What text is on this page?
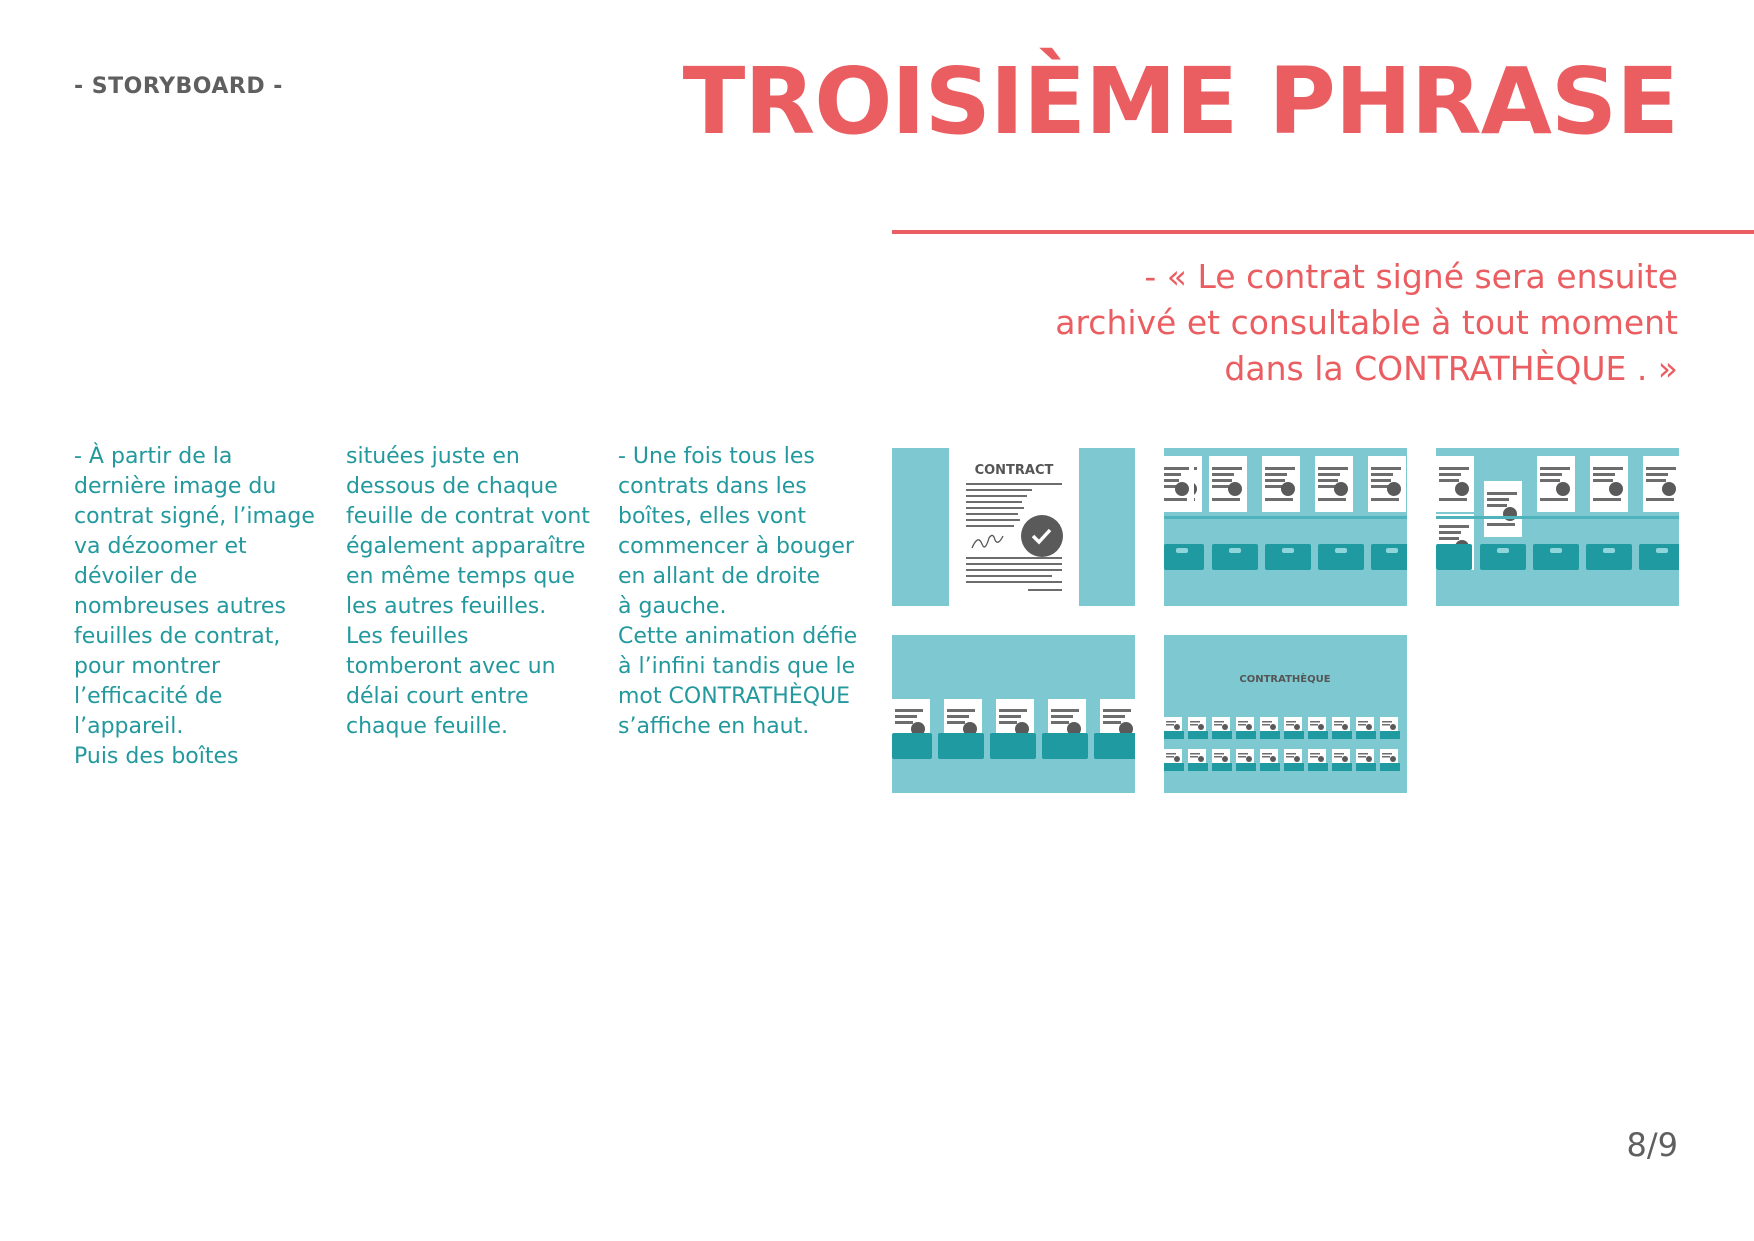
- STORYBOARD -	TROISIÈME PHRASE
- « Le contrat signé sera ensuite
archivé et consultable à tout moment
dans la CONTRATHÈQUE . »
- À partir de la
dernière image du
contrat signé, l’image
va dézoomer et
dévoiler de
nombreuses autres
feuilles de contrat,
pour montrer
l’efficacité de
l’appareil.
Puis des boîtes
situées juste en
dessous de chaque
feuille de contrat vont
également apparaître
en même temps que
les autres feuilles.
Les feuilles
tomberont avec un
délai court entre
chaque feuille.
- Une fois tous les
contrats dans les
boîtes, elles vont
commencer à bouger
en allant de droite
à gauche.
Cette animation défie
à l’infini tandis que le
mot CONTRATHÈQUE
s’affiche en haut.
CONTRACT
CONTRATHÈQUE
8/9
